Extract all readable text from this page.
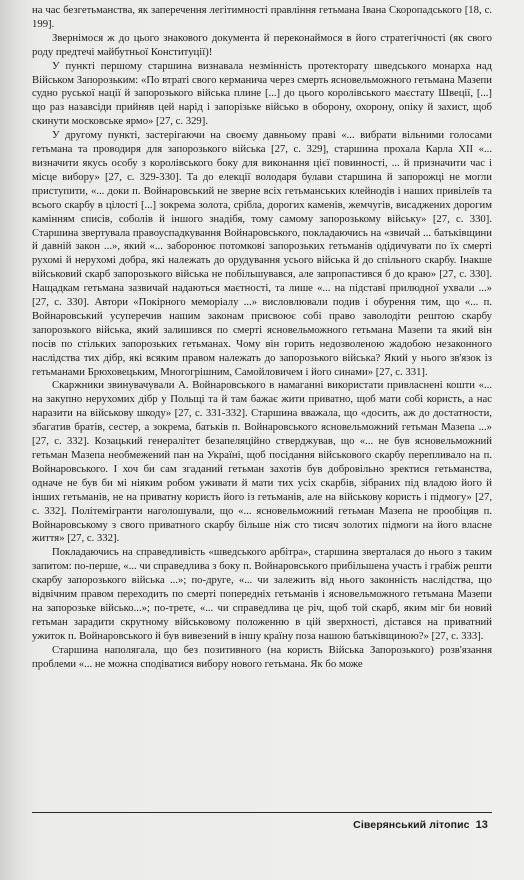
на час безгетьманства, як заперечення легітимності правління гетьмана Івана Скоропадського [18, с. 199].

Звернімося ж до цього знакового документа й переконаймося в його стратегічності (як свого роду предтечі майбутньої Конституції)!

У пункті першому старшина визнавала незмінність протекторату шведського монарха над Військом Запорозьким: «По втраті свого керманича через смерть ясновельможного гетьмана Мазепи судно руської нації й запорозького війська плине [...] до цього королівського маєстату Швеції, [...] що раз назавсіди прийняв цей нарід і запорізьке військо в оборону, охорону, опіку й захист, щоб скинути московське ярмо» [27, с. 329].

У другому пункті, застерігаючи на своєму давньому праві «... вибрати вільними голосами гетьмана та проводиря для запорозького війська [27, с. 329], старшина прохала Карла XII «... визначити якусь особу з королівського боку для виконання цієї повинності, ... й призначити час і місце вибору» [27, с. 329-330]. Та до елекції володаря булави старшина й запорожці не могли приступити, «... доки п. Войнаровський не зверне всіх гетьманських клейнодів і наших привілеїв та всього скарбу в цілості [...] зокрема золота, срібла, дорогих каменів, жемчугів, висаджених дорогим камінням списів, соболів й іншого знадібя, тому самому запорозькому війську» [27, с. 330]. Старшина звертувала правоуспадкування Войнаровського, покладаючись на «звичай ... батьківщини й давній закон ...», який «... заборонює потомкові запорозьких гетьманів одідичувати по їх смерті рухомі й нерухомі добра, які належать до орудування усього війська й до спільного скарбу. Інакше військовий скарб запорозького війська не побільшувався, але запропастився б до краю» [27, с. 330]. Нащадкам гетьмана зазвичай надаються маєтності, та лише «... на підставі прилюдної ухвали ...» [27, с. 330]. Автори «Покірного меморіалу ...» висловлювали подив і обурення тим, що «... п. Войнаровський усуперечив нашим законам присвоює собі право заволодіти рештою скарбу запорозького війська, який залишився по смерті ясновельможного гетьмана Мазепи та який він посів по стільких запорозьких гетьманах. Чому він горить недозволеною жадобою незаконного наслідства тих дібр, які всяким правом належать до запорозького війська? Який у нього зв'язок із гетьманами Брюховецьким, Многогрішним, Самойловичем і його синами» [27, с. 331].

Скаржники звинувачували А. Войнаровського в намаганні використати привласнені кошти «... на закупно нерухомих дібр у Польщі та й там бажає жити приватно, щоб мати собі користь, а нас наразити на військову шкоду» [27, с. 331-332]. Старшина вважала, що «досить, аж до достатности, збагатив братів, сестер, а зокрема, батьків п. Войнаровського ясновельможний гетьман Мазепа ...» [27, с. 332]. Козацький генералітет безапеляційно стверджував, що «... не був ясновельможний гетьман Мазепа необмежений пан на Україні, щоб посідання військового скарбу перепливало на п. Войнаровського. І хоч би сам згаданий гетьман захотів був добровільно зректися гетьманства, одначе не був би мі ніяким робом уживати й мати тих усіх скарбів, зібраних під владою його й інших гетьманів, не на приватну користь його із гетьманів, але на військову користь і підмогу» [27, с. 332]. Політемігранти наголошували, що «... ясновельможний гетьман Мазепа не прообіцяв п. Войнаровському з свого приватного скарбу більше ніж сто тисяч золотих підмоги на його власне життя» [27, с. 332].

Покладаючись на справедливість «шведського арбітра», старшина зверталася до нього з таким запитом: по-перше, «... чи справедлива з боку п. Войнаровського прибільшена участь і грабіж решти скарбу запорозького війська ...»; по-друге, «... чи залежить від нього законність наслідства, що відвічним правом переходить по смерті попередніх гетьманів і ясновельможного гетьмана Мазепи на запорозьке військо...»; по-третє, «... чи справедлива це річ, щоб той скарб, яким міг би новий гетьман зарадити скрутному військовому положенню в цій зверхності, дістався на приватний ужиток п. Войнаровського й був вивезений в іншу країну поза нашою батьківщиною?» [27, с. 333].

Старшина наполягала, що без позитивного (на користь Війська Запорозького) розв'язання проблеми «... не можна сподіватися вибору нового гетьмана. Як бо може

Сіверянський літопис 13
